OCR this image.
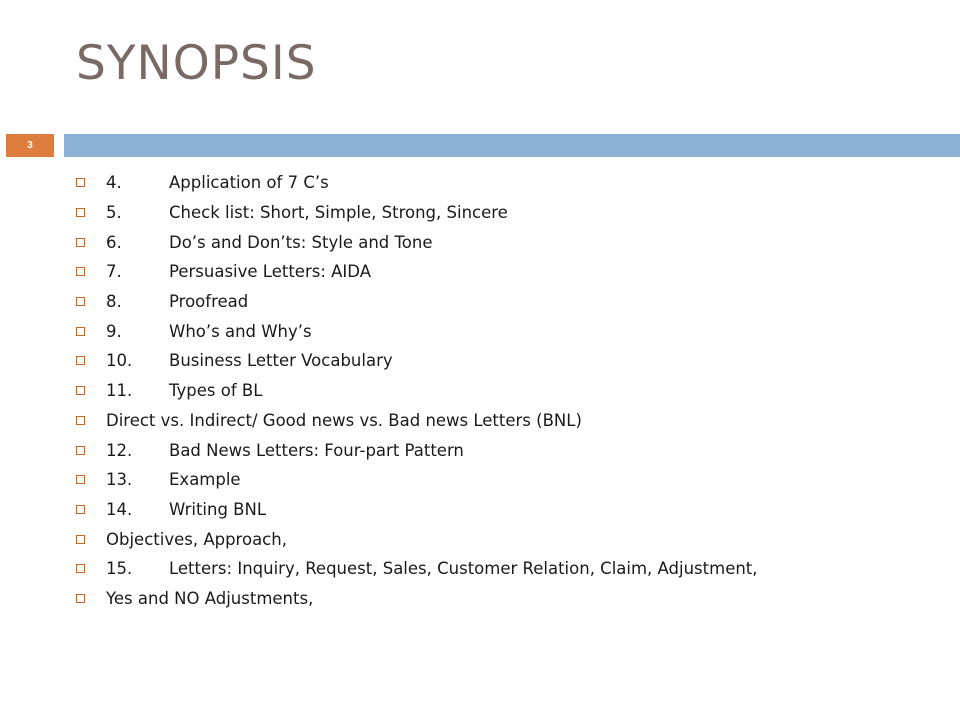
SYNOPSIS
3
4.	Application of 7 C’s
5.	Check list: Short, Simple, Strong, Sincere
6.	Do’s and Don’ts: Style and Tone
7.	Persuasive Letters: AIDA
8.	Proofread
9.	Who’s and Why’s
10.	Business Letter Vocabulary
11.	Types of BL
Direct vs. Indirect/ Good news vs. Bad news Letters (BNL)
12.	Bad News Letters: Four-part Pattern
13.	Example
14.	Writing BNL
Objectives, Approach,
15.	Letters: Inquiry, Request, Sales, Customer Relation, Claim, Adjustment,
Yes and NO Adjustments,
